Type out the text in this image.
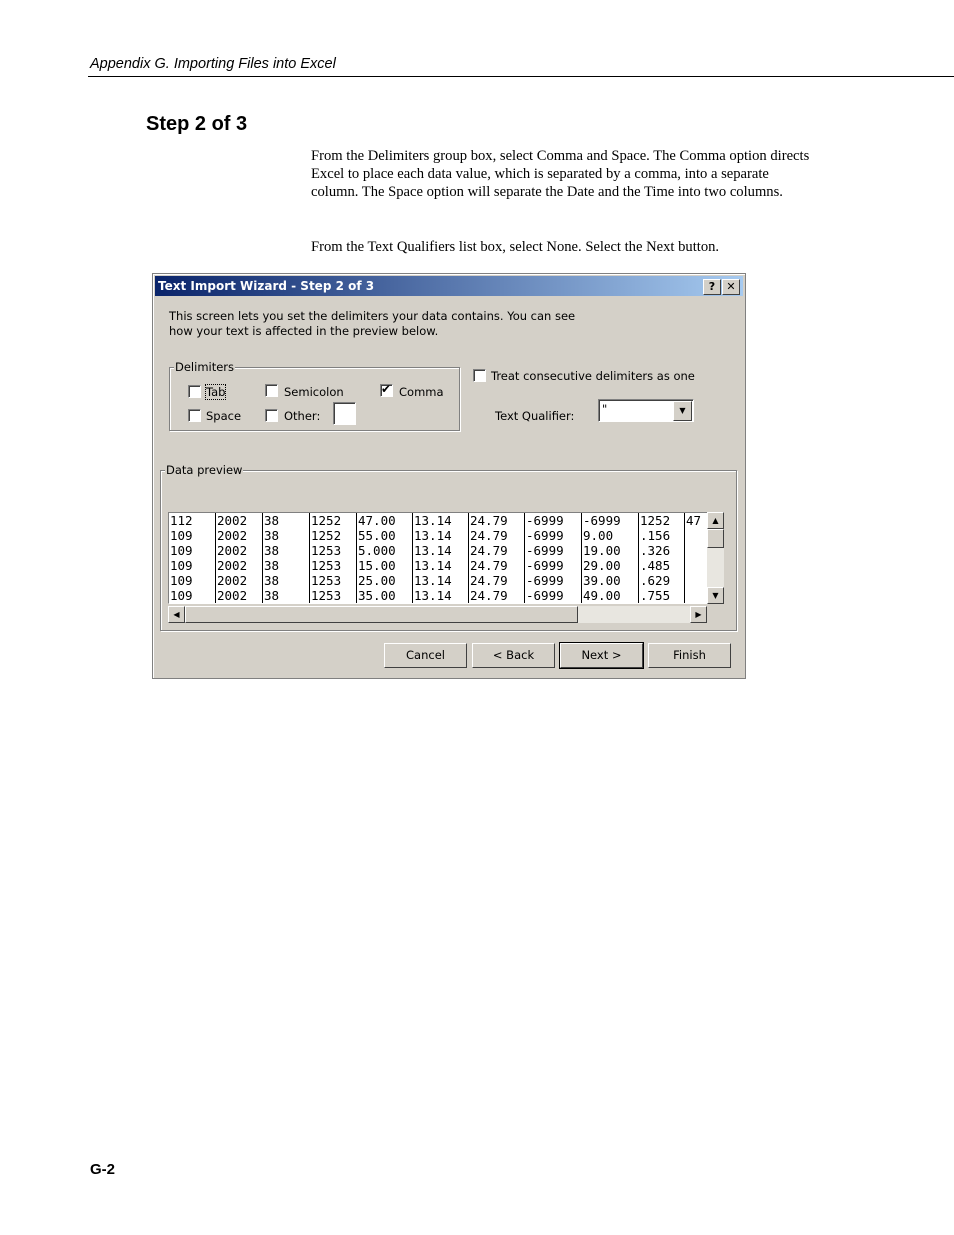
Appendix G. Importing Files into Excel
Step 2 of 3
From the Delimiters group box, select Comma and Space. The Comma option directs Excel to place each data value, which is separated by a comma, into a separate column. The Space option will separate the Date and the Time into two columns.
From the Text Qualifiers list box, select None. Select the Next button.
Text Import Wizard - Step 2 of 3	?	✕
This screen lets you set the delimiters your data contains. You can see
how your text is affected in the preview below.
Delimiters
Tab	Semicolon	✔ Comma
Space	Other:
Treat consecutive delimiters as one
Text Qualifier: "	▼
Data preview
112 2002 38	1252 47.00 13.14 24.79 -6999 -6999 1252 47
109 2002 38	1252 55.00 13.14 24.79 -6999 9.00 .156
109 2002 38	1253 5.000 13.14 24.79 -6999 19.00 .326
109 2002 38	1253 15.00 13.14 24.79 -6999 29.00 .485
109 2002 38	1253 25.00 13.14 24.79 -6999 39.00 .629
109 2002 38	1253 35.00 13.14 24.79 -6999 49.00 .755
▲
▼
◀	▶
Cancel	< Back	Next >	Finish
G-2
